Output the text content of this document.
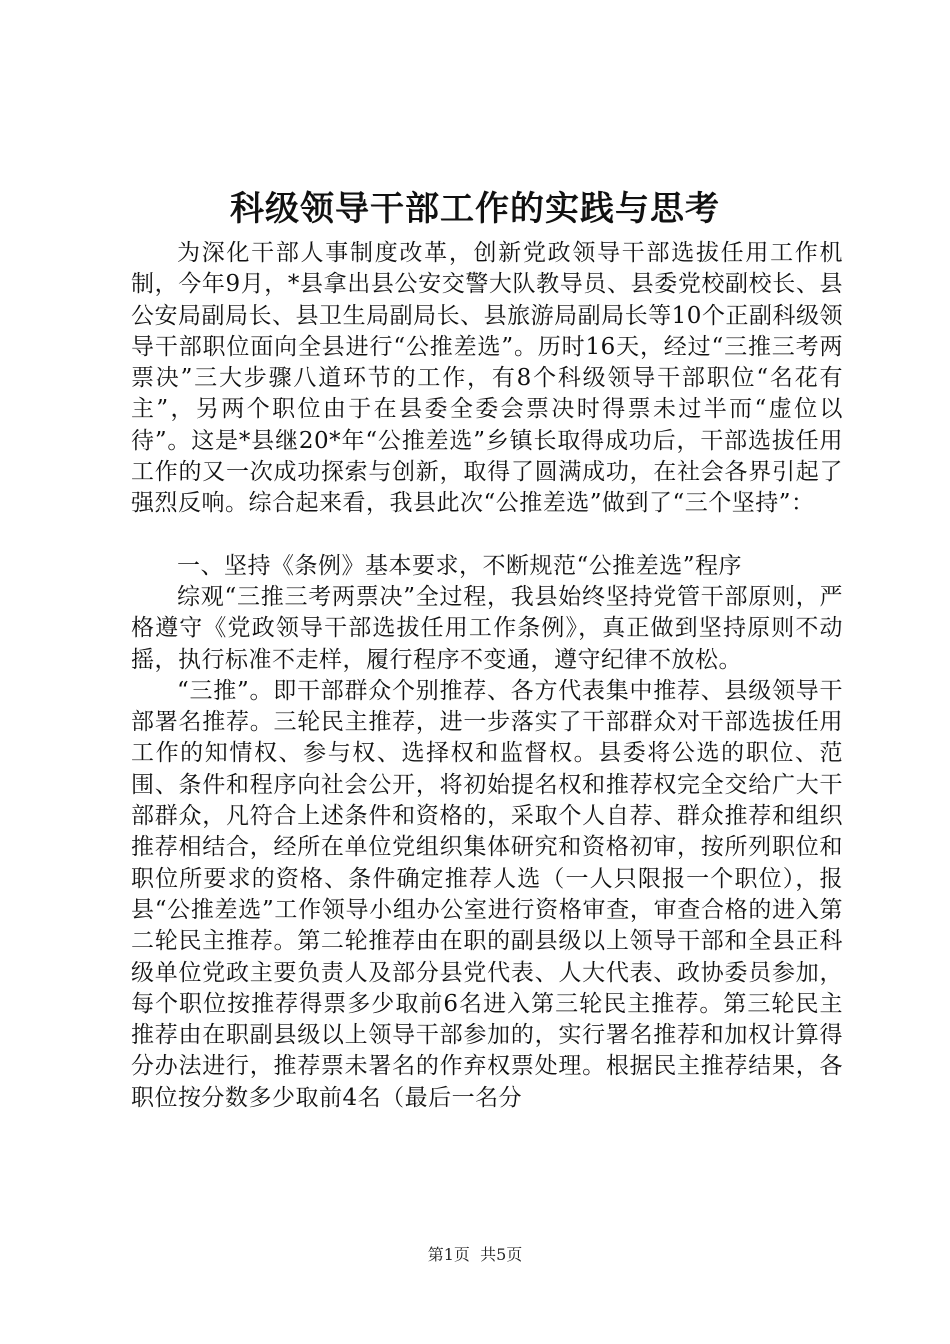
科级领导干部工作的实践与思考

为深化干部人事制度改革，创新党政领导干部选拔任用工作机制，今年9月，*县拿出县公安交警大队教导员、县委党校副校长、县公安局副局长、县卫生局副局长、县旅游局副局长等10个正副科级领导干部职位面向全县进行“公推差选”。历时16天，经过“三推三考两票决”三大步骤八道环节的工作，有8个科级领导干部职位“名花有主”，另两个职位由于在县委全委会票决时得票未过半而“虚位以待”。这是*县继20*年“公推差选”乡镇长取得成功后，干部选拔任用工作的又一次成功探索与创新，取得了圆满成功，在社会各界引起了强烈反响。综合起来看，我县此次“公推差选”做到了“三个坚持”：

一、坚持《条例》基本要求，不断规范“公推差选”程序

综观“三推三考两票决”全过程，我县始终坚持党管干部原则，严格遵守《党政领导干部选拔任用工作条例》，真正做到坚持原则不动摇，执行标准不走样，履行程序不变通，遵守纪律不放松。

“三推”。即干部群众个别推荐、各方代表集中推荐、县级领导干部署名推荐。三轮民主推荐，进一步落实了干部群众对干部选拔任用工作的知情权、参与权、选择权和监督权。县委将公选的职位、范围、条件和程序向社会公开，将初始提名权和推荐权完全交给广大干部群众，凡符合上述条件和资格的，采取个人自荐、群众推荐和组织推荐相结合，经所在单位党组织集体研究和资格初审，按所列职位和职位所要求的资格、条件确定推荐人选（一人只限报一个职位），报县“公推差选”工作领导小组办公室进行资格审查，审查合格的进入第二轮民主推荐。第二轮推荐由在职的副县级以上领导干部和全县正科级单位党政主要负责人及部分县党代表、人大代表、政协委员参加，每个职位按推荐得票多少取前6名进入第三轮民主推荐。第三轮民主推荐由在职副县级以上领导干部参加的，实行署名推荐和加权计算得分办法进行，推荐票未署名的作弃权票处理。根据民主推荐结果，各职位按分数多少取前4名（最后一名分

第1页 共5页
